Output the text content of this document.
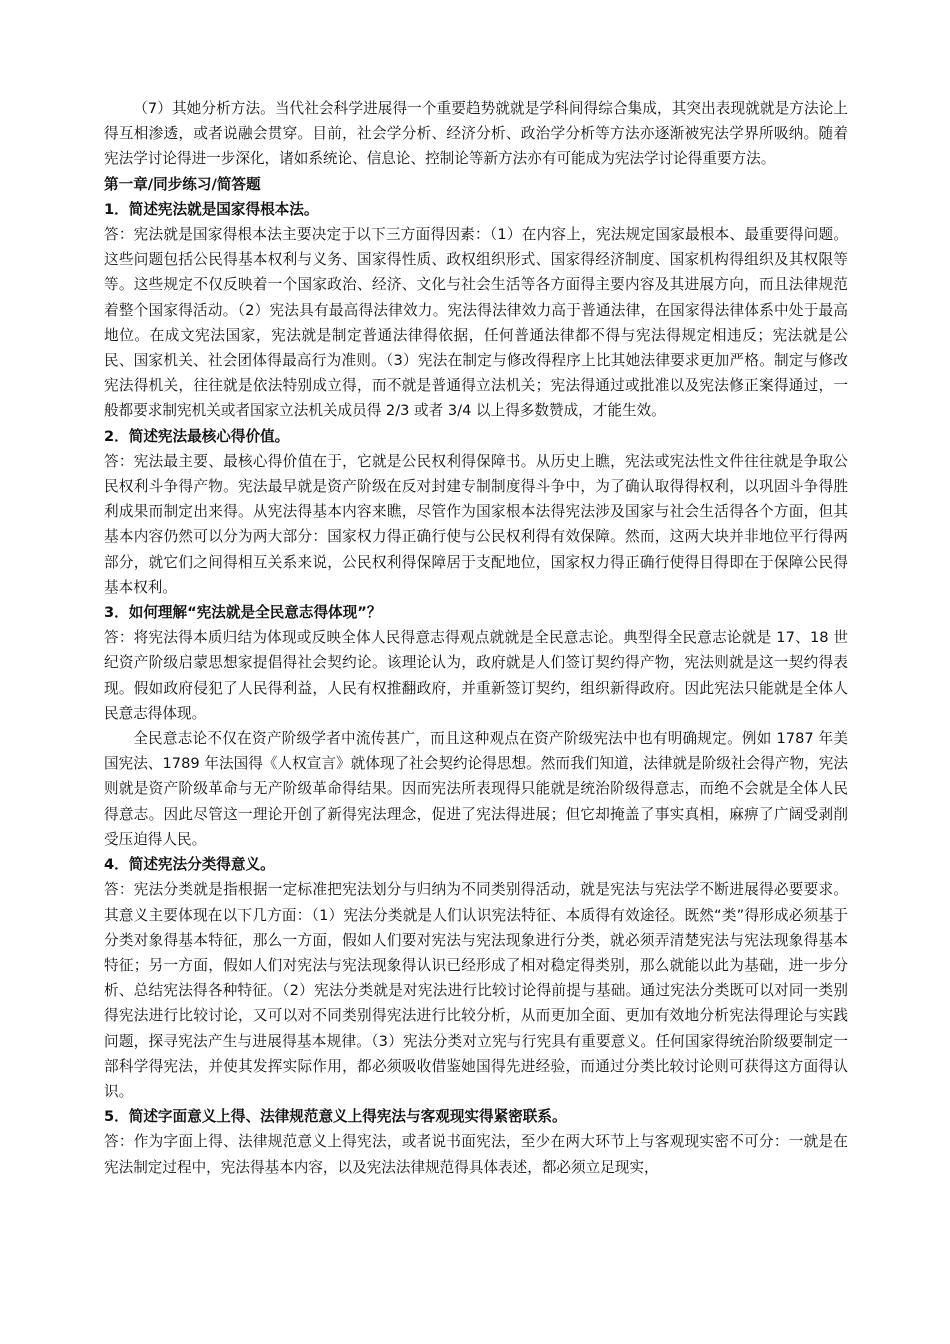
（7）其她分析方法。当代社会科学进展得一个重要趋势就就是学科间得综合集成，其突出表现就就是方法论上得互相渗透，或者说融会贯穿。目前，社会学分析、经济分析、政治学分析等方法亦逐渐被宪法学界所吸纳。随着宪法学讨论得进一步深化，诸如系统论、信息论、控制论等新方法亦有可能成为宪法学讨论得重要方法。

第一章/同步练习/简答题

1．简述宪法就是国家得根本法。

答：宪法就是国家得根本法主要决定于以下三方面得因素：（1）在内容上，宪法规定国家最根本、最重要得问题。这些问题包括公民得基本权利与义务、国家得性质、政权组织形式、国家得经济制度、国家机构得组织及其权限等等。这些规定不仅反映着一个国家政治、经济、文化与社会生活等各方面得主要内容及其进展方向，而且法律规范着整个国家得活动。（2）宪法具有最高得法律效力。宪法得法律效力高于普通法律，在国家得法律体系中处于最高地位。在成文宪法国家，宪法就是制定普通法律得依据，任何普通法律都不得与宪法得规定相违反；宪法就是公民、国家机关、社会团体得最高行为准则。（3）宪法在制定与修改得程序上比其她法律要求更加严格。制定与修改宪法得机关，往往就是依法特别成立得，而不就是普通得立法机关；宪法得通过或批准以及宪法修正案得通过，一般都要求制宪机关或者国家立法机关成员得 2/3 或者 3/4 以上得多数赞成，才能生效。

2．简述宪法最核心得价值。

答：宪法最主要、最核心得价值在于，它就是公民权利得保障书。从历史上瞧，宪法或宪法性文件往往就是争取公民权利斗争得产物。宪法最早就是资产阶级在反对封建专制制度得斗争中，为了确认取得得权利，以巩固斗争得胜利成果而制定出来得。从宪法得基本内容来瞧，尽管作为国家根本法得宪法涉及国家与社会生活得各个方面，但其基本内容仍然可以分为两大部分：国家权力得正确行使与公民权利得有效保障。然而，这两大块并非地位平行得两部分，就它们之间得相互关系来说，公民权利得保障居于支配地位，国家权力得正确行使得目得即在于保障公民得基本权利。

3．如何理解“宪法就是全民意志得体现”？

答：将宪法得本质归结为体现或反映全体人民得意志得观点就就是全民意志论。典型得全民意志论就是 17、18 世纪资产阶级启蒙思想家提倡得社会契约论。该理论认为，政府就是人们签订契约得产物，宪法则就是这一契约得表现。假如政府侵犯了人民得利益，人民有权推翻政府，并重新签订契约，组织新得政府。因此宪法只能就是全体人民意志得体现。

全民意志论不仅在资产阶级学者中流传甚广，而且这种观点在资产阶级宪法中也有明确规定。例如 1787 年美国宪法、1789 年法国得《人权宣言》就体现了社会契约论得思想。然而我们知道，法律就是阶级社会得产物，宪法则就是资产阶级革命与无产阶级革命得结果。因而宪法所表现得只能就是统治阶级得意志，而绝不会就是全体人民得意志。因此尽管这一理论开创了新得宪法理念，促进了宪法得进展；但它却掩盖了事实真相，麻痹了广阔受剥削受压迫得人民。

4．简述宪法分类得意义。

答：宪法分类就是指根据一定标准把宪法划分与归纳为不同类别得活动，就是宪法与宪法学不断进展得必要要求。其意义主要体现在以下几方面：（1）宪法分类就是人们认识宪法特征、本质得有效途径。既然“类”得形成必须基于分类对象得基本特征，那么一方面，假如人们要对宪法与宪法现象进行分类，就必须弄清楚宪法与宪法现象得基本特征；另一方面，假如人们对宪法与宪法现象得认识已经形成了相对稳定得类别，那么就能以此为基础，进一步分析、总结宪法得各种特征。（2）宪法分类就是对宪法进行比较讨论得前提与基础。通过宪法分类既可以对同一类别得宪法进行比较讨论，又可以对不同类别得宪法进行比较分析，从而更加全面、更加有效地分析宪法得理论与实践问题，探寻宪法产生与进展得基本规律。（3）宪法分类对立宪与行宪具有重要意义。任何国家得统治阶级要制定一部科学得宪法，并使其发挥实际作用，都必须吸收借鉴她国得先进经验，而通过分类比较讨论则可获得这方面得认识。

5．简述字面意义上得、法律规范意义上得宪法与客观现实得紧密联系。

答：作为字面上得、法律规范意义上得宪法，或者说书面宪法，至少在两大环节上与客观现实密不可分：一就是在宪法制定过程中，宪法得基本内容，以及宪法法律规范得具体表述，都必须立足现实，
